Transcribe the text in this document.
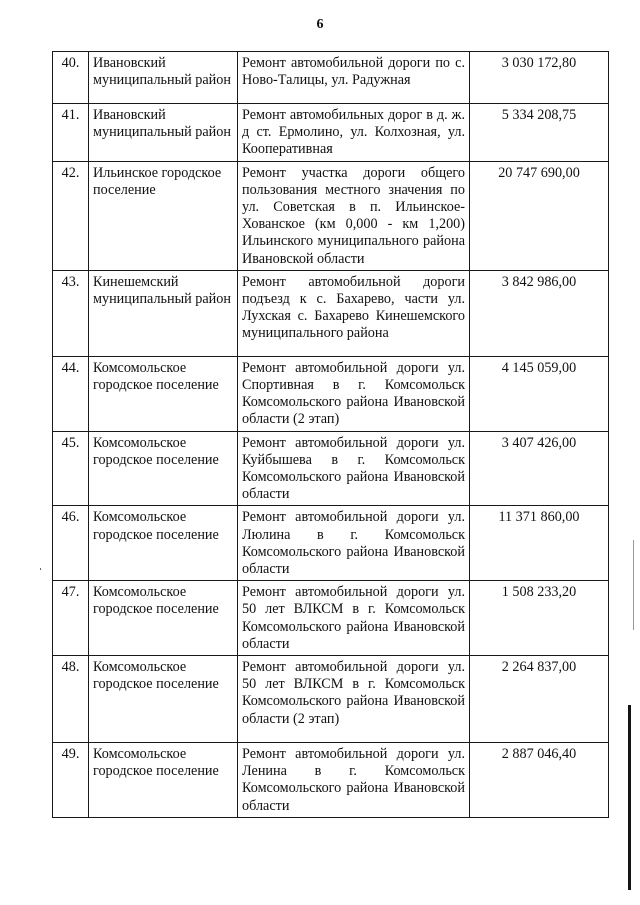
6
40.	Ивановский муниципальный район	Ремонт автомобильной дороги по с. Ново-Талицы, ул. Радужная	3 030 172,80
41.	Ивановский муниципальный район	Ремонт автомобильных дорог в д. ж. д ст. Ермолино, ул. Колхозная, ул. Кооперативная	5 334 208,75
42.	Ильинское городское поселение	Ремонт участка дороги общего пользования местного значения по ул. Советская в п. Ильинское-Хованское (км 0,000 - км 1,200) Ильинского муниципального района Ивановской области	20 747 690,00
43.	Кинешемский муниципальный район	Ремонт автомобильной дороги подъезд к с. Бахарево, части ул. Лухская с. Бахарево Кинешемского муниципального района	3 842 986,00
44.	Комсомольское городское поселение	Ремонт автомобильной дороги ул. Спортивная в г. Комсомольск Комсомольского района Ивановской области (2 этап)	4 145 059,00
45.	Комсомольское городское поселение	Ремонт автомобильной дороги ул. Куйбышева в г. Комсомольск Комсомольского района Ивановской области	3 407 426,00
46.	Комсомольское городское поселение	Ремонт автомобильной дороги ул. Люлина в г. Комсомольск Комсомольского района Ивановской области	11 371 860,00
47.	Комсомольское городское поселение	Ремонт автомобильной дороги ул. 50 лет ВЛКСМ в г. Комсомольск Комсомольского района Ивановской области	1 508 233,20
48.	Комсомольское городское поселение	Ремонт автомобильной дороги ул. 50 лет ВЛКСМ в г. Комсомольск Комсомольского района Ивановской области (2 этап)	2 264 837,00
49.	Комсомольское городское поселение	Ремонт автомобильной дороги ул. Ленина в г. Комсомольск Комсомольского района Ивановской области	2 887 046,40
